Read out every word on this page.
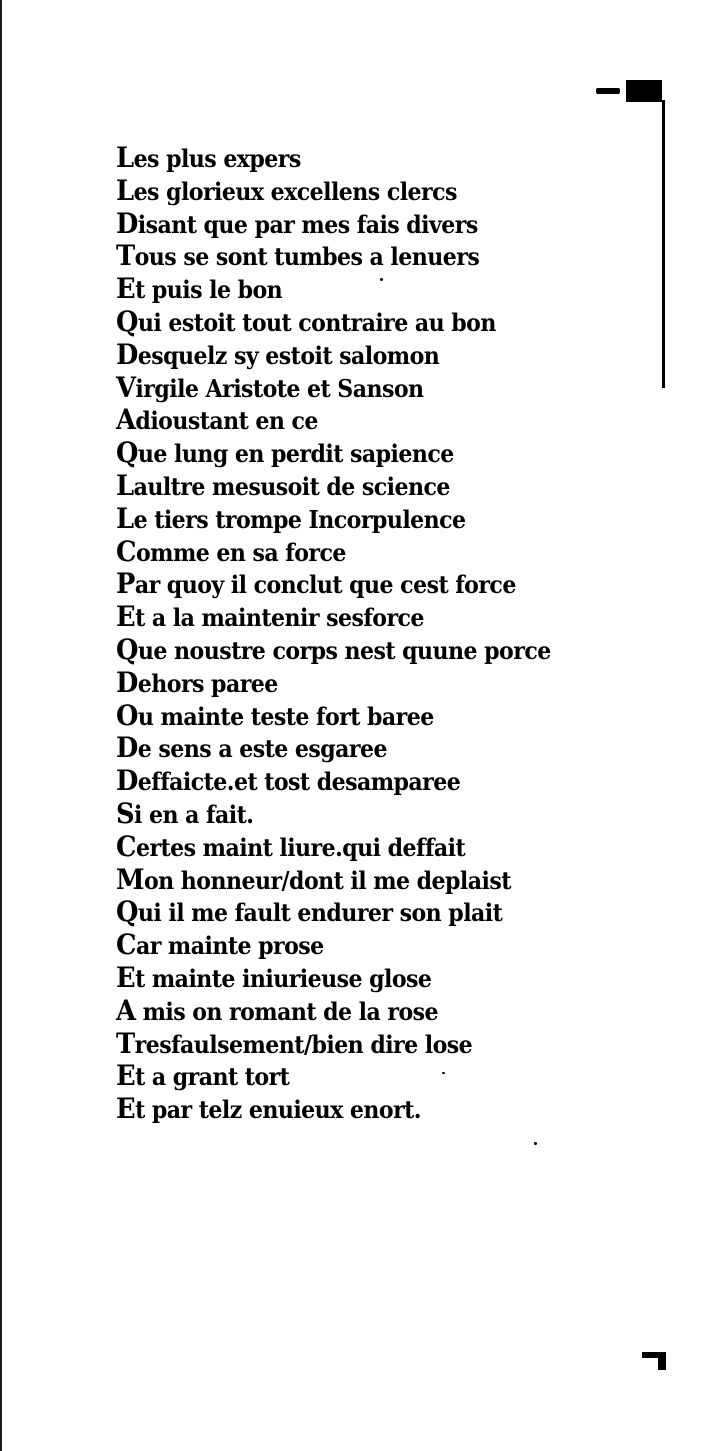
Les plus expers
Les glorieux excellens clercs
Disant que par mes fais divers
Tous se sont tumbes a lenuers
Et puis le bon
Qui estoit tout contraire au bon
Desquelz sy estoit salomon
Virgile Aristote et Sanson
Adioustant en ce
Que lung en perdit sapience
Laultre mesusoit de science
Le tiers trompe Incorpulence
Comme en sa force
Par quoy il conclut que cest force
Et a la maintenir sesforce
Que noustre corps nest quune porce
Dehors paree
Ou mainte teste fort baree
De sens a este esgaree
Deffaicte.et tost desamparee
Si en a fait.
Certes maint liure.qui deffait
Mon honneur/dont il me deplaist
Qui il me fault endurer son plait
Car mainte prose
Et mainte iniurieuse glose
A mis on romant de la rose
Tresfaulsement/bien dire lose
Et a grant tort
Et par telz enuieux enort.
